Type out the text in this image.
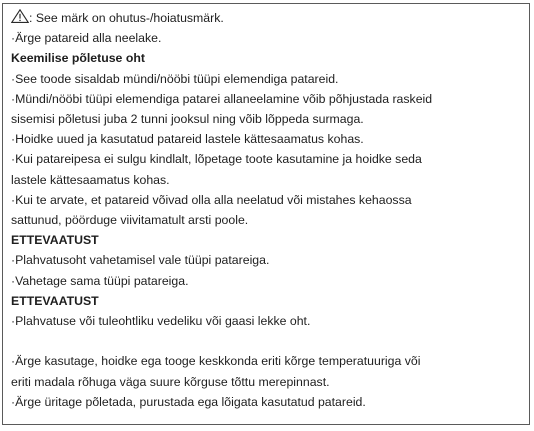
: See märk on ohutus-/hoiatusmärk.
·Ärge patareid alla neelake.
Keemilise põletuse oht
·See toode sisaldab mündi/nööbi tüüpi elemendiga patareid.
·Mündi/nööbi tüüpi elemendiga patarei allaneelamine võib põhjustada raskeid
sisemisi põletusi juba 2 tunni jooksul ning võib lõppeda surmaga.
·Hoidke uued ja kasutatud patareid lastele kättesaamatus kohas.
·Kui patareipesa ei sulgu kindlalt, lõpetage toote kasutamine ja hoidke seda
lastele kättesaamatus kohas.
·Kui te arvate, et patareid võivad olla alla neelatud või mistahes kehaossa
sattunud, pöörduge viivitamatult arsti poole.
ETTEVAATUST
·Plahvatusoht vahetamisel vale tüüpi patareiga.
·Vahetage sama tüüpi patareiga.
ETTEVAATUST
·Plahvatuse või tuleohtliku vedeliku või gaasi lekke oht.
·Ärge kasutage, hoidke ega tooge keskkonda eriti kõrge temperatuuriga või
eriti madala rõhuga väga suure kõrguse tõttu merepinnast.
·Ärge üritage põletada, purustada ega lõigata kasutatud patareid.
